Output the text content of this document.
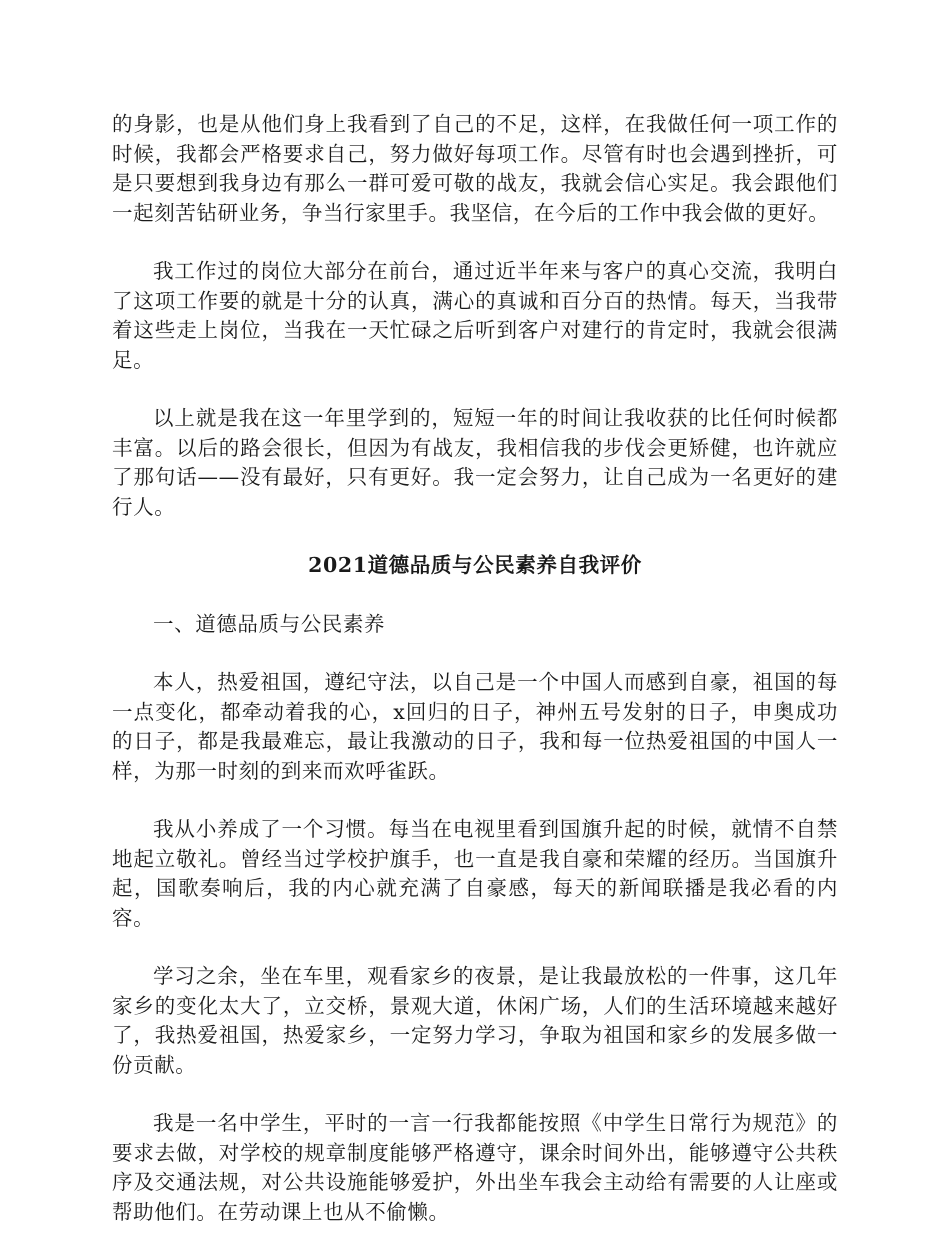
的身影，也是从他们身上我看到了自己的不足，这样，在我做任何一项工作的时候，我都会严格要求自己，努力做好每项工作。尽管有时也会遇到挫折，可是只要想到我身边有那么一群可爱可敬的战友，我就会信心实足。我会跟他们一起刻苦钻研业务，争当行家里手。我坚信，在今后的工作中我会做的更好。

我工作过的岗位大部分在前台，通过近半年来与客户的真心交流，我明白了这项工作要的就是十分的认真，满心的真诚和百分百的热情。每天，当我带着这些走上岗位，当我在一天忙碌之后听到客户对建行的肯定时，我就会很满足。

以上就是我在这一年里学到的，短短一年的时间让我收获的比任何时候都丰富。以后的路会很长，但因为有战友，我相信我的步伐会更矫健，也许就应了那句话——没有最好，只有更好。我一定会努力，让自己成为一名更好的建行人。

2021道德品质与公民素养自我评价

一、道德品质与公民素养

本人，热爱祖国，遵纪守法，以自己是一个中国人而感到自豪，祖国的每一点变化，都牵动着我的心，x回归的日子，神州五号发射的日子，申奥成功的日子，都是我最难忘，最让我激动的日子，我和每一位热爱祖国的中国人一样，为那一时刻的到来而欢呼雀跃。

我从小养成了一个习惯。每当在电视里看到国旗升起的时候，就情不自禁地起立敬礼。曾经当过学校护旗手，也一直是我自豪和荣耀的经历。当国旗升起，国歌奏响后，我的内心就充满了自豪感，每天的新闻联播是我必看的内容。

学习之余，坐在车里，观看家乡的夜景，是让我最放松的一件事，这几年家乡的变化太大了，立交桥，景观大道，休闲广场，人们的生活环境越来越好了，我热爱祖国，热爱家乡，一定努力学习，争取为祖国和家乡的发展多做一份贡献。

我是一名中学生，平时的一言一行我都能按照《中学生日常行为规范》的要求去做，对学校的规章制度能够严格遵守，课余时间外出，能够遵守公共秩序及交通法规，对公共设施能够爱护，外出坐车我会主动给有需要的人让座或帮助他们。在劳动课上也从不偷懒。
